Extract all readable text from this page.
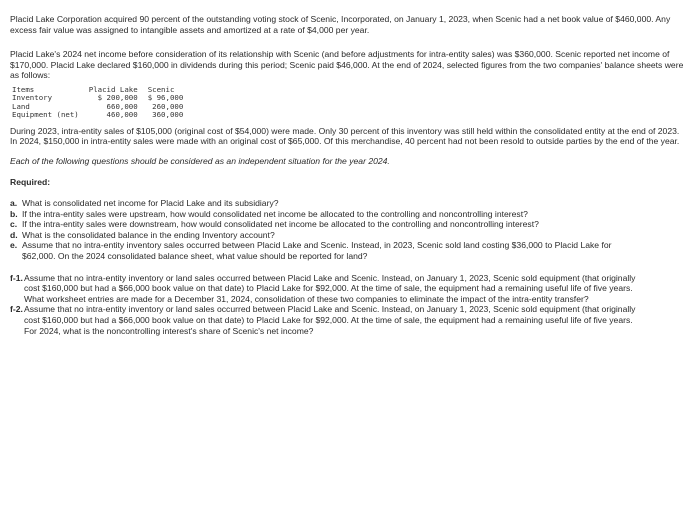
Placid Lake Corporation acquired 90 percent of the outstanding voting stock of Scenic, Incorporated, on January 1, 2023, when Scenic had a net book value of $460,000. Any excess fair value was assigned to intangible assets and amortized at a rate of $4,000 per year.

Placid Lake's 2024 net income before consideration of its relationship with Scenic (and before adjustments for intra-entity sales) was $360,000. Scenic reported net income of $170,000. Placid Lake declared $160,000 in dividends during this period; Scenic paid $46,000. At the end of 2024, selected figures from the two companies' balance sheets were as follows:

Items	Placid Lake	Scenic
Inventory	$ 200,000	$ 96,000
Land	660,000	260,000
Equipment (net)	460,000	360,000

During 2023, intra-entity sales of $105,000 (original cost of $54,000) were made. Only 30 percent of this inventory was still held within the consolidated entity at the end of 2023. In 2024, $150,000 in intra-entity sales were made with an original cost of $65,000. Of this merchandise, 40 percent had not been resold to outside parties by the end of the year.

Each of the following questions should be considered as an independent situation for the year 2024.

Required:

a. What is consolidated net income for Placid Lake and its subsidiary?
b. If the intra-entity sales were upstream, how would consolidated net income be allocated to the controlling and noncontrolling interest?
c. If the intra-entity sales were downstream, how would consolidated net income be allocated to the controlling and noncontrolling interest?
d. What is the consolidated balance in the ending Inventory account?
e. Assume that no intra-entity inventory sales occurred between Placid Lake and Scenic. Instead, in 2023, Scenic sold land costing $36,000 to Placid Lake for $62,000. On the 2024 consolidated balance sheet, what value should be reported for land?
f-1. Assume that no intra-entity inventory or land sales occurred between Placid Lake and Scenic. Instead, on January 1, 2023, Scenic sold equipment (that originally cost $160,000 but had a $66,000 book value on that date) to Placid Lake for $92,000. At the time of sale, the equipment had a remaining useful life of five years. What worksheet entries are made for a December 31, 2024, consolidation of these two companies to eliminate the impact of the intra-entity transfer?
f-2. Assume that no intra-entity inventory or land sales occurred between Placid Lake and Scenic. Instead, on January 1, 2023, Scenic sold equipment (that originally cost $160,000 but had a $66,000 book value on that date) to Placid Lake for $92,000. At the time of sale, the equipment had a remaining useful life of five years. For 2024, what is the noncontrolling interest's share of Scenic's net income?
